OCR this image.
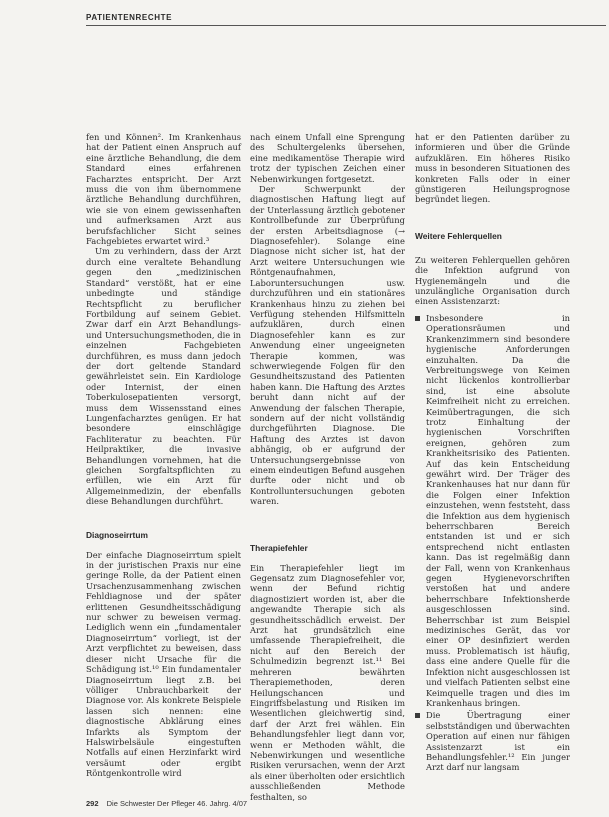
PATIENTENRECHTE

fen und Können². Im Krankenhaus hat der Patient einen Anspruch auf eine ärztliche Behandlung, die dem Standard eines erfahrenen Facharztes entspricht. Der Arzt muss die von ihm übernommene ärztliche Behandlung durchführen, wie sie von einem gewissenhaften und aufmerksamen Arzt aus berufsfachlicher Sicht seines Fachgebietes erwartet wird.³

Um zu verhindern, dass der Arzt durch eine veraltete Behandlung gegen den „medizinischen Standard“ verstößt, hat er eine unbedingte und ständige Rechtspflicht zu beruflicher Fortbildung auf seinem Gebiet. Zwar darf ein Arzt Behandlungs- und Untersuchungsmethoden, die in einzelnen Fachgebieten durchführen, es muss dann jedoch der dort geltende Standard gewährleistet sein. Ein Kardiologe oder Internist, der einen Toberkulosepatienten versorgt, muss dem Wissensstand eines Lungenfacharztes genügen. Er hat besondere einschlägige Fachliteratur zu beachten. Für Heilpraktiker, die invasive Behandlungen vornehmen, hat die gleichen Sorgfaltspflichten zu erfüllen, wie ein Arzt für Allgemeinmedizin, der ebenfalls diese Behandlungen durchführt.

Diagnoseirrtum

Der einfache Diagnoseirrtum spielt in der juristischen Praxis nur eine geringe Rolle, da der Patient einen Ursachenzusammenhang zwischen Fehldiagnose und der später erlittenen Gesundheitsschädigung nur schwer zu beweisen vermag. Lediglich wenn ein „fundamentaler Diagnoseirrtum“ vorliegt, ist der Arzt verpflichtet zu beweisen, dass dieser nicht Ursache für die Schädigung ist.¹⁰ Ein fundamentaler Diagnoseirrtum liegt z.B. bei völliger Unbrauchbarkeit der Diagnose vor. Als konkrete Beispiele lassen sich nennen: eine diagnostische Abklärung eines Infarkts als Symptom der Halswirbelsäule eingestuften Notfalls auf einen Herzinfarkt wird versäumt oder ergibt Röntgenkontrolle wird

nach einem Unfall eine Sprengung des Schultergelenks übersehen, eine medikamentöse Therapie wird trotz der typischen Zeichen einer Nebenwirkungen fortgesetzt.

Der Schwerpunkt der diagnostischen Haftung liegt auf der Unterlassung ärztlich gebotener Kontrollbefunde zur Überprüfung der ersten Arbeitsdiagnose (→ Diagnosefehler). Solange eine Diagnose nicht sicher ist, hat der Arzt weitere Untersuchungen wie Röntgenaufnahmen, Laboruntersuchungen usw. durchzuführen und ein stationäres Krankenhaus hinzu zu ziehen bei Verfügung stehenden Hilfsmitteln aufzuklären, durch einen Diagnosefehler kann es zur Anwendung einer ungeeigneten Therapie kommen, was schwerwiegende Folgen für den Gesundheitszustand des Patienten haben kann. Die Haftung des Arztes beruht dann nicht auf der Anwendung der falschen Therapie, sondern auf der nicht vollständig durchgeführten Diagnose. Die Haftung des Arztes ist davon abhängig, ob er aufgrund der Untersuchungsergebnisse von einem eindeutigen Befund ausgehen durfte oder nicht und ob Kontrolluntersuchungen geboten waren.

Therapiefehler

Ein Therapiefehler liegt im Gegensatz zum Diagnosefehler vor, wenn der Befund richtig diagnostiziert worden ist, aber die angewandte Therapie sich als gesundheitsschädlich erweist. Der Arzt hat grundsätzlich eine umfassende Therapiefreiheit, die nicht auf den Bereich der Schulmedizin begrenzt ist.¹¹ Bei mehreren bewährten Therapiemethoden, deren Heilungschancen und Eingriffsbelastung und Risiken im Wesentlichen gleichwertig sind, darf der Arzt frei wählen. Ein Behandlungsfehler liegt dann vor, wenn er Methoden wählt, die Nebenwirkungen und wesentliche Risiken verursachen, wenn der Arzt als einer überholten oder ersichtlich ausschließenden Methode festhalten, so

hat er den Patienten darüber zu informieren und über die Gründe aufzuklären. Ein höheres Risiko muss in besonderen Situationen des konkreten Falls oder in einer günstigeren Heilungsprognose begründet liegen.

Weitere Fehlerquellen

Zu weiteren Fehlerquellen gehören die Infektion aufgrund von Hygienemängeln und die unzulängliche Organisation durch einen Assistenzarzt:

Insbesondere in Operationsräumen und Krankenzimmern sind besondere hygienische Anforderungen einzuhalten. Da die Verbreitungswege von Keimen nicht lückenlos kontrollierbar sind, ist eine absolute Keimfreiheit nicht zu erreichen. Keimübertragungen, die sich trotz Einhaltung der hygienischen Vorschriften ereignen, gehören zum Krankheitsrisiko des Patienten. Auf das kein Entscheidung gewährt wird. Der Träger des Krankenhauses hat nur dann für die Folgen einer Infektion einzustehen, wenn feststeht, dass die Infektion aus dem hygienisch beherrschbaren Bereich entstanden ist und er sich entsprechend nicht entlasten kann. Das ist regelmäßig dann der Fall, wenn von Krankenhaus gegen Hygienevorschriften verstoßen hat und andere beherrschbare Infektionsherde ausgeschlossen sind. Beherrschbar ist zum Beispiel medizinisches Gerät, das vor einer OP desinfiziert werden muss. Problematisch ist häufig, dass eine andere Quelle für die Infektion nicht ausgeschlossen ist und vielfach Patienten selbst eine Keimquelle tragen und dies im Krankenhaus bringen.
Die Übertragung einer selbstständigen und überwachten Operation auf einen nur fähigen Assistenzarzt ist ein Behandlungsfehler.¹² Ein junger Arzt darf nur langsam
292 Die Schwester Der Pfleger 46. Jahrg. 4/07
